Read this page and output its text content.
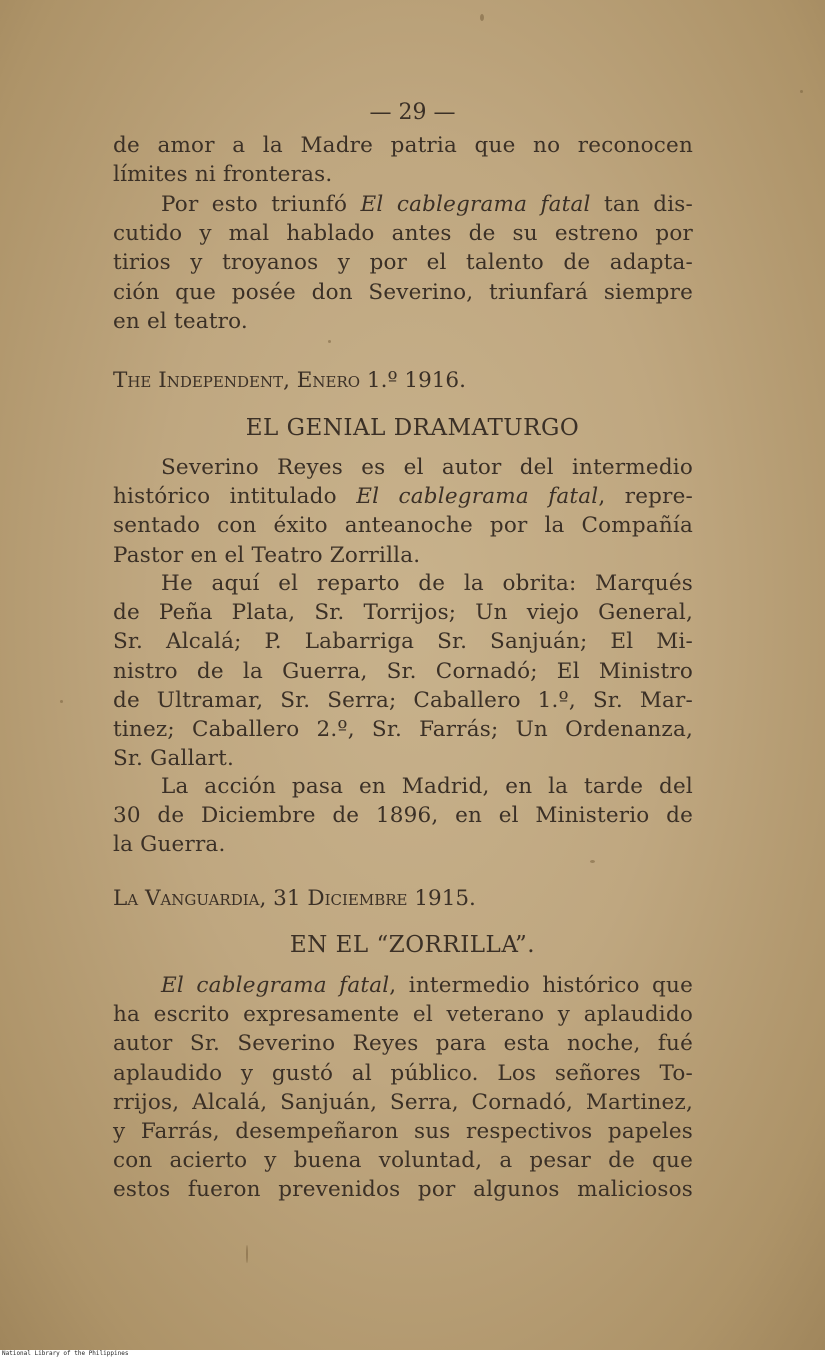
— 29 —
de amor a la Madre patria que no reconocen
límites ni fronteras.
Por esto triunfó El cablegrama fatal tan dis-
cutido y mal hablado antes de su estreno por
tirios y troyanos y por el talento de adapta-
ción que posée don Severino, triunfará siempre
en el teatro.
The Independent, Enero 1.º 1916.
EL GENIAL DRAMATURGO
Severino Reyes es el autor del intermedio
histórico intitulado El cablegrama fatal, repre-
sentado con éxito anteanoche por la Compañía
Pastor en el Teatro Zorrilla.
He aquí el reparto de la obrita: Marqués
de Peña Plata, Sr. Torrijos; Un viejo General,
Sr. Alcalá; P. Labarriga Sr. Sanjuán; El Mi-
nistro de la Guerra, Sr. Cornadó; El Ministro
de Ultramar, Sr. Serra; Caballero 1.º, Sr. Mar-
tinez; Caballero 2.º, Sr. Farrás; Un Ordenanza,
Sr. Gallart.
La acción pasa en Madrid, en la tarde del
30 de Diciembre de 1896, en el Ministerio de
la Guerra.
La Vanguardia, 31 Diciembre 1915.
EN EL “ZORRILLA”.
El cablegrama fatal, intermedio histórico que
ha escrito expresamente el veterano y aplaudido
autor Sr. Severino Reyes para esta noche, fué
aplaudido y gustó al público. Los señores To-
rrijos, Alcalá, Sanjuán, Serra, Cornadó, Martinez,
y Farrás, desempeñaron sus respectivos papeles
con acierto y buena voluntad, a pesar de que
estos fueron prevenidos por algunos maliciosos
National Library of the Philippines
